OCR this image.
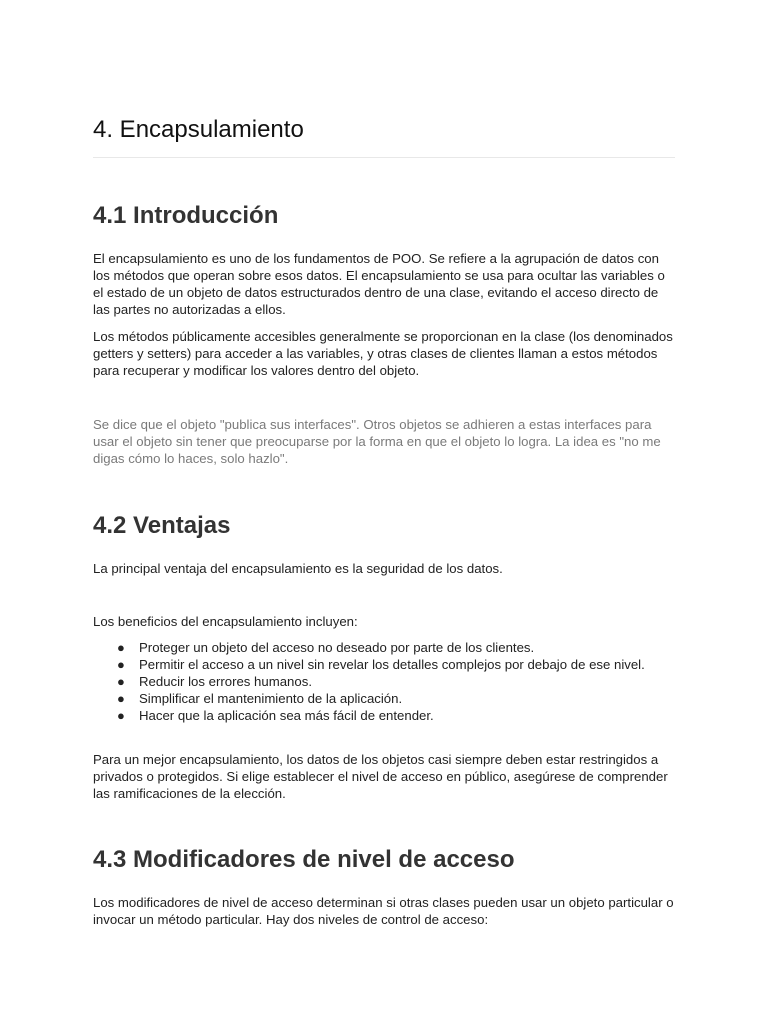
4. Encapsulamiento
4.1 Introducción

El encapsulamiento es uno de los fundamentos de POO. Se refiere a la agrupación de datos con los métodos que operan sobre esos datos. El encapsulamiento se usa para ocultar las variables o el estado de un objeto de datos estructurados dentro de una clase, evitando el acceso directo de las partes no autorizadas a ellos.

Los métodos públicamente accesibles generalmente se proporcionan en la clase (los denominados getters y setters) para acceder a las variables, y otras clases de clientes llaman a estos métodos para recuperar y modificar los valores dentro del objeto.

Se dice que el objeto "publica sus interfaces". Otros objetos se adhieren a estas interfaces para usar el objeto sin tener que preocuparse por la forma en que el objeto lo logra. La idea es "no me digas cómo lo haces, solo hazlo".

4.2 Ventajas

La principal ventaja del encapsulamiento es la seguridad de los datos.

Los beneficios del encapsulamiento incluyen:

● Proteger un objeto del acceso no deseado por parte de los clientes.
● Permitir el acceso a un nivel sin revelar los detalles complejos por debajo de ese nivel.
● Reducir los errores humanos.
● Simplificar el mantenimiento de la aplicación.
● Hacer que la aplicación sea más fácil de entender.

Para un mejor encapsulamiento, los datos de los objetos casi siempre deben estar restringidos a privados o protegidos. Si elige establecer el nivel de acceso en público, asegúrese de comprender las ramificaciones de la elección.

4.3 Modificadores de nivel de acceso

Los modificadores de nivel de acceso determinan si otras clases pueden usar un objeto particular o invocar un método particular. Hay dos niveles de control de acceso:
